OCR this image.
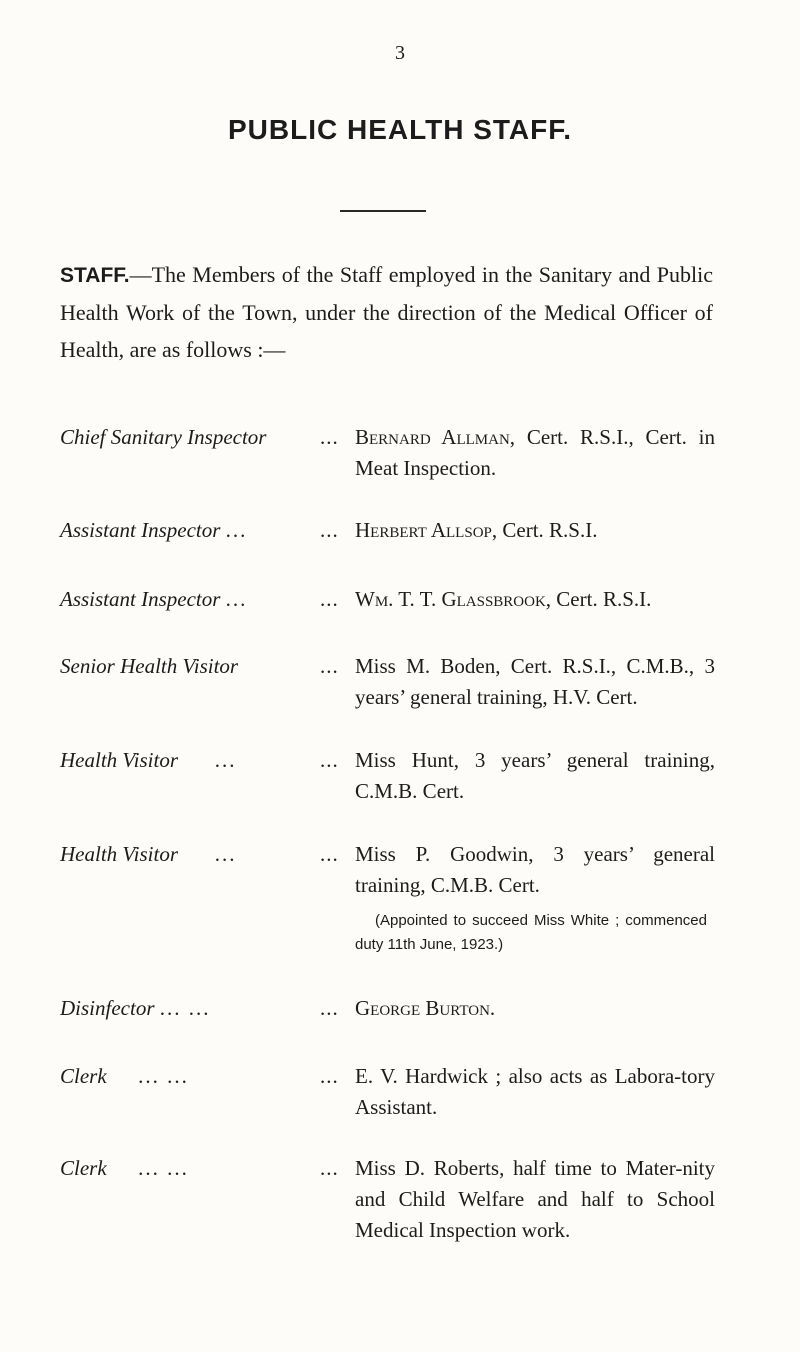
3
PUBLIC HEALTH STAFF.

STAFF.—The Members of the Staff employed in the Sanitary and Public Health Work of the Town, under the direction of the Medical Officer of Health, are as follows :—

Chief Sanitary Inspector	... Bernard Allman, Cert. R.S.I., Cert. in Meat Inspection.
Assistant Inspector ...	... Herbert Allsop, Cert. R.S.I.
Assistant Inspector ...	... Wm. T. T. Glassbrook, Cert. R.S.I.
Senior Health Visitor	... Miss M. Boden, Cert. R.S.I., C.M.B., 3 years’ general training, H.V. Cert.
Health Visitor ...	... Miss Hunt, 3 years’ general training, C.M.B. Cert.
Health Visitor ...	... Miss P. Goodwin, 3 years’ general training, C.M.B. Cert.
(Appointed to succeed Miss White ; commenced duty 11th June, 1923.)
Disinfector ... ...	... George Burton.
Clerk ... ...	... E. V. Hardwick ; also acts as Labora-tory Assistant.
Clerk ... ...	... Miss D. Roberts, half time to Mater-nity and Child Welfare and half to School Medical Inspection work.
